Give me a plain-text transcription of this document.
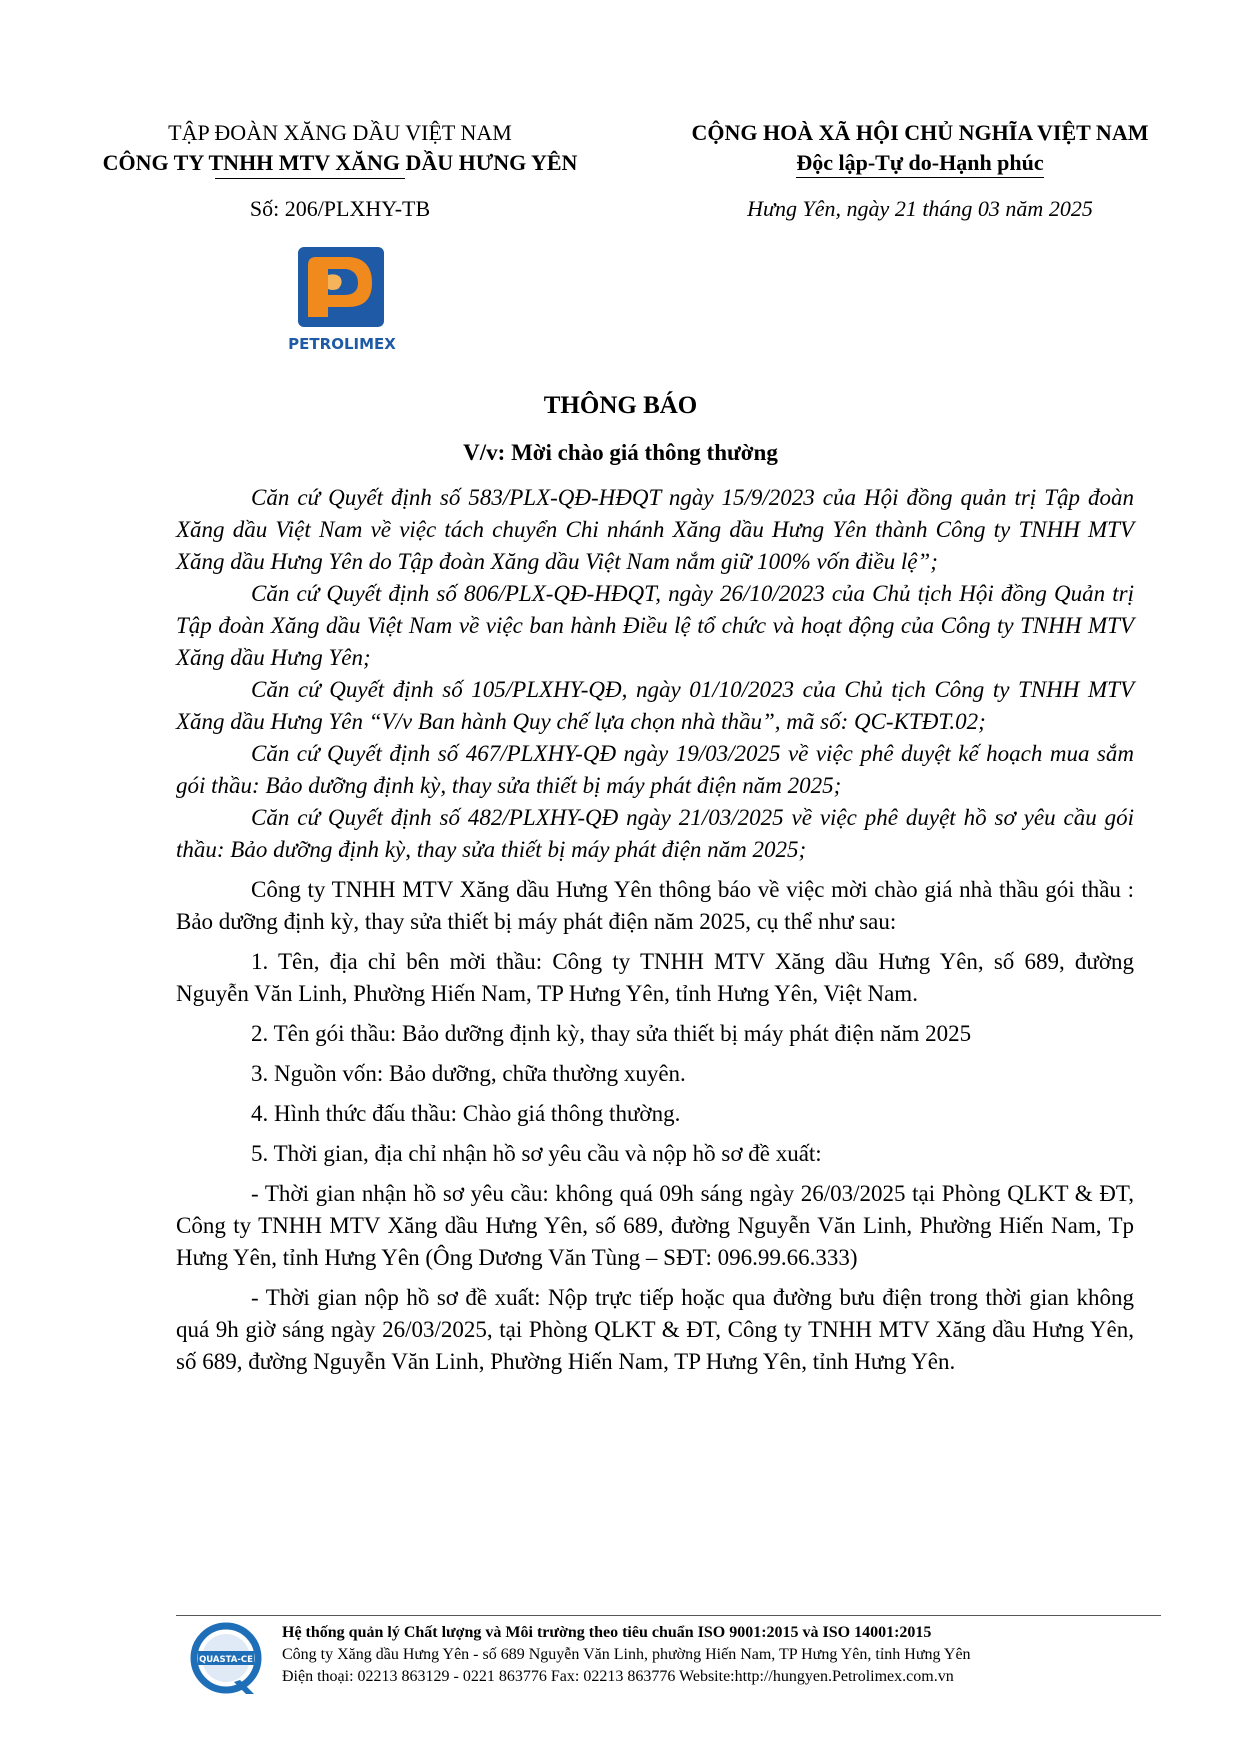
TẬP ĐOÀN XĂNG DẦU VIỆT NAM
CÔNG TY TNHH MTV XĂNG DẦU HƯNG YÊN
Số: 206/PLXHY-TB
CỘNG HOÀ XÃ HỘI CHỦ NGHĨA VIỆT NAM
Độc lập-Tự do-Hạnh phúc
Hưng Yên, ngày 21 tháng 03 năm 2025
PETROLIMEX
THÔNG BÁO
V/v: Mời chào giá thông thường

Căn cứ Quyết định số 583/PLX-QĐ-HĐQT ngày 15/9/2023 của Hội đồng quản trị Tập đoàn Xăng dầu Việt Nam về việc tách chuyển Chi nhánh Xăng dầu Hưng Yên thành Công ty TNHH MTV Xăng dầu Hưng Yên do Tập đoàn Xăng dầu Việt Nam nắm giữ 100% vốn điều lệ”;

Căn cứ Quyết định số 806/PLX-QĐ-HĐQT, ngày 26/10/2023 của Chủ tịch Hội đồng Quản trị Tập đoàn Xăng dầu Việt Nam về việc ban hành Điều lệ tổ chức và hoạt động của Công ty TNHH MTV Xăng dầu Hưng Yên;

Căn cứ Quyết định số 105/PLXHY-QĐ, ngày 01/10/2023 của Chủ tịch Công ty TNHH MTV Xăng dầu Hưng Yên “V/v Ban hành Quy chế lựa chọn nhà thầu”, mã số: QC-KTĐT.02;

Căn cứ Quyết định số 467/PLXHY-QĐ ngày 19/03/2025 về việc phê duyệt kế hoạch mua sắm gói thầu: Bảo dưỡng định kỳ, thay sửa thiết bị máy phát điện năm 2025;

Căn cứ Quyết định số 482/PLXHY-QĐ ngày 21/03/2025 về việc phê duyệt hồ sơ yêu cầu gói thầu: Bảo dưỡng định kỳ, thay sửa thiết bị máy phát điện năm 2025;

Công ty TNHH MTV Xăng dầu Hưng Yên thông báo về việc mời chào giá nhà thầu gói thầu : Bảo dưỡng định kỳ, thay sửa thiết bị máy phát điện năm 2025, cụ thể như sau:

1. Tên, địa chỉ bên mời thầu: Công ty TNHH MTV Xăng dầu Hưng Yên, số 689, đường Nguyễn Văn Linh, Phường Hiến Nam, TP Hưng Yên, tỉnh Hưng Yên, Việt Nam.

2. Tên gói thầu: Bảo dưỡng định kỳ, thay sửa thiết bị máy phát điện năm 2025

3. Nguồn vốn: Bảo dưỡng, chữa thường xuyên.

4. Hình thức đấu thầu: Chào giá thông thường.

5. Thời gian, địa chỉ nhận hồ sơ yêu cầu và nộp hồ sơ đề xuất:

- Thời gian nhận hồ sơ yêu cầu: không quá 09h sáng ngày 26/03/2025 tại Phòng QLKT & ĐT, Công ty TNHH MTV Xăng dầu Hưng Yên, số 689, đường Nguyễn Văn Linh, Phường Hiến Nam, Tp Hưng Yên, tỉnh Hưng Yên (Ông Dương Văn Tùng – SĐT: 096.99.66.333)

- Thời gian nộp hồ sơ đề xuất: Nộp trực tiếp hoặc qua đường bưu điện trong thời gian không quá 9h giờ sáng ngày 26/03/2025, tại Phòng QLKT & ĐT, Công ty TNHH MTV Xăng dầu Hưng Yên, số 689, đường Nguyễn Văn Linh, Phường Hiến Nam, TP Hưng Yên, tỉnh Hưng Yên.

QUASTA-CE
Hệ thống quản lý Chất lượng và Môi trường theo tiêu chuẩn ISO 9001:2015 và ISO 14001:2015
Công ty Xăng dầu Hưng Yên - số 689 Nguyễn Văn Linh, phường Hiến Nam, TP Hưng Yên, tỉnh Hưng Yên
Điện thoại: 02213 863129 - 0221 863776 Fax: 02213 863776 Website:http://hungyen.Petrolimex.com.vn
